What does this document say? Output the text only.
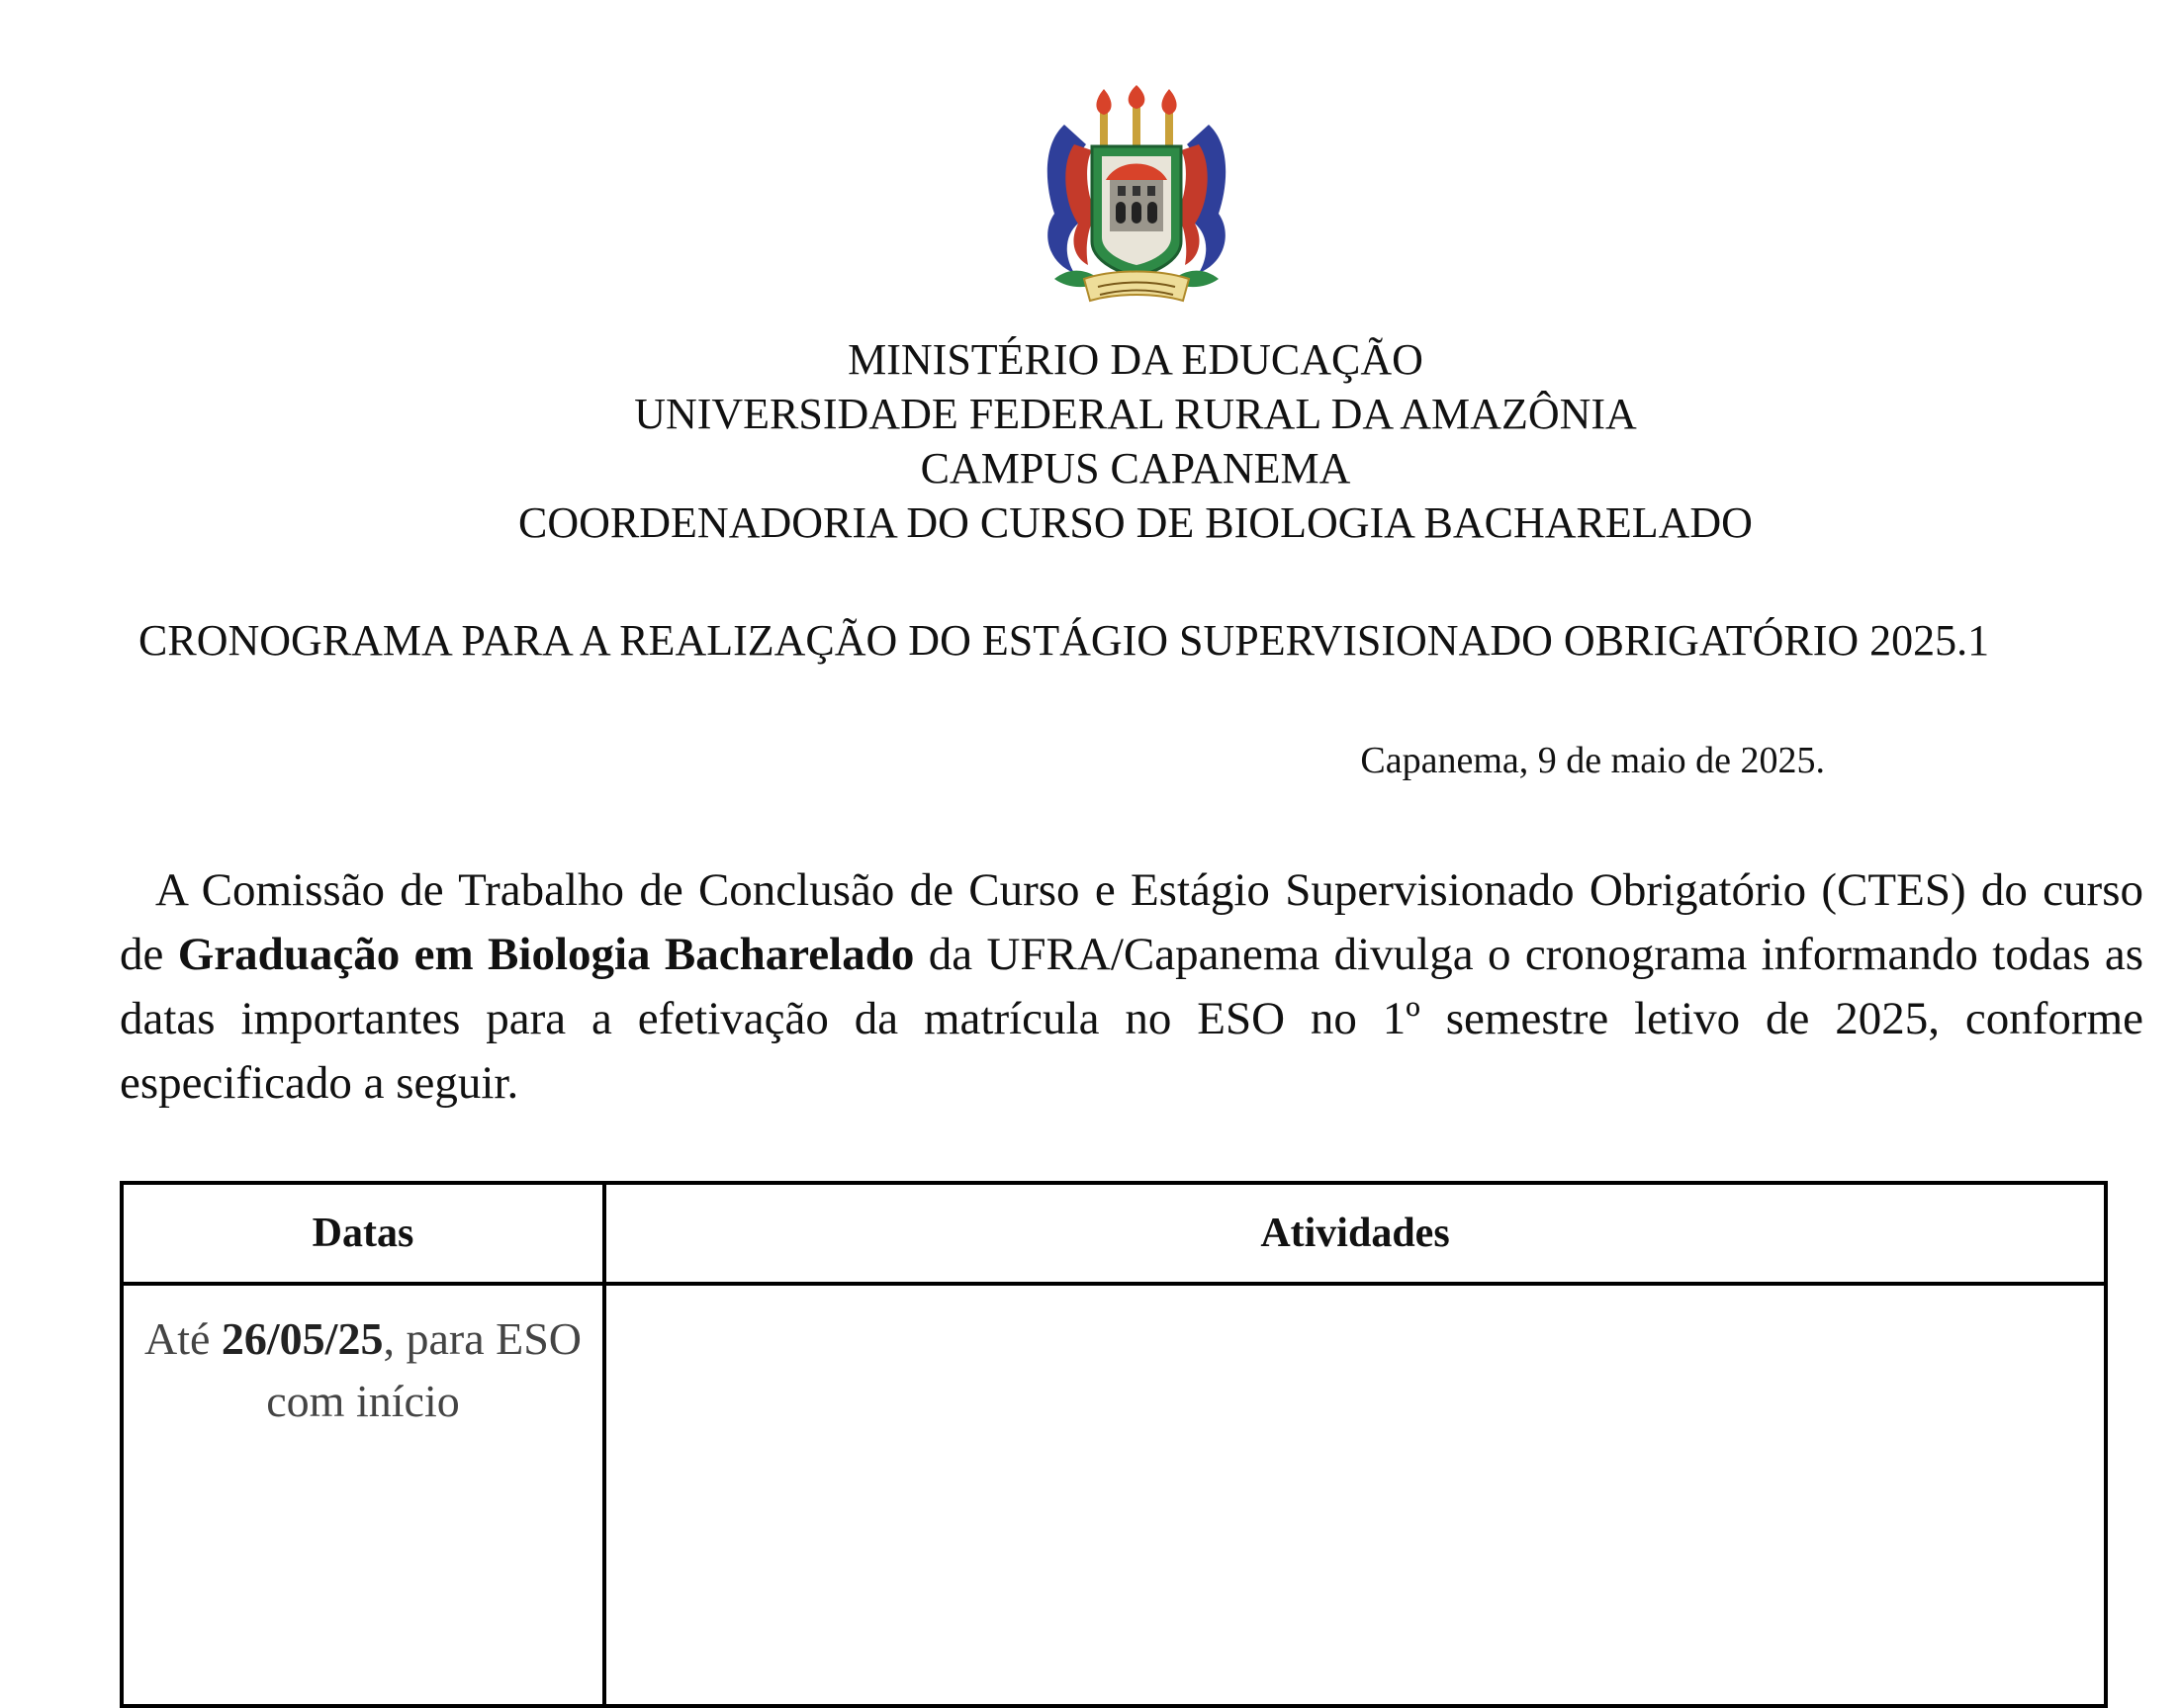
MINISTÉRIO DA EDUCAÇÃO
UNIVERSIDADE FEDERAL RURAL DA AMAZÔNIA
CAMPUS CAPANEMA
COORDENADORIA DO CURSO DE BIOLOGIA BACHARELADO
CRONOGRAMA PARA A REALIZAÇÃO DO ESTÁGIO SUPERVISIONADO OBRIGATÓRIO 2025.1
Capanema, 9 de maio de 2025.
A Comissão de Trabalho de Conclusão de Curso e Estágio Supervisionado Obrigatório (CTES) do curso de Graduação em Biologia Bacharelado da UFRA/Capanema divulga o cronograma informando todas as datas importantes para a efetivação da matrícula no ESO no 1º semestre letivo de 2025, conforme especificado a seguir.
Datas	Atividades
Até 26/05/25, para ESO com início	
